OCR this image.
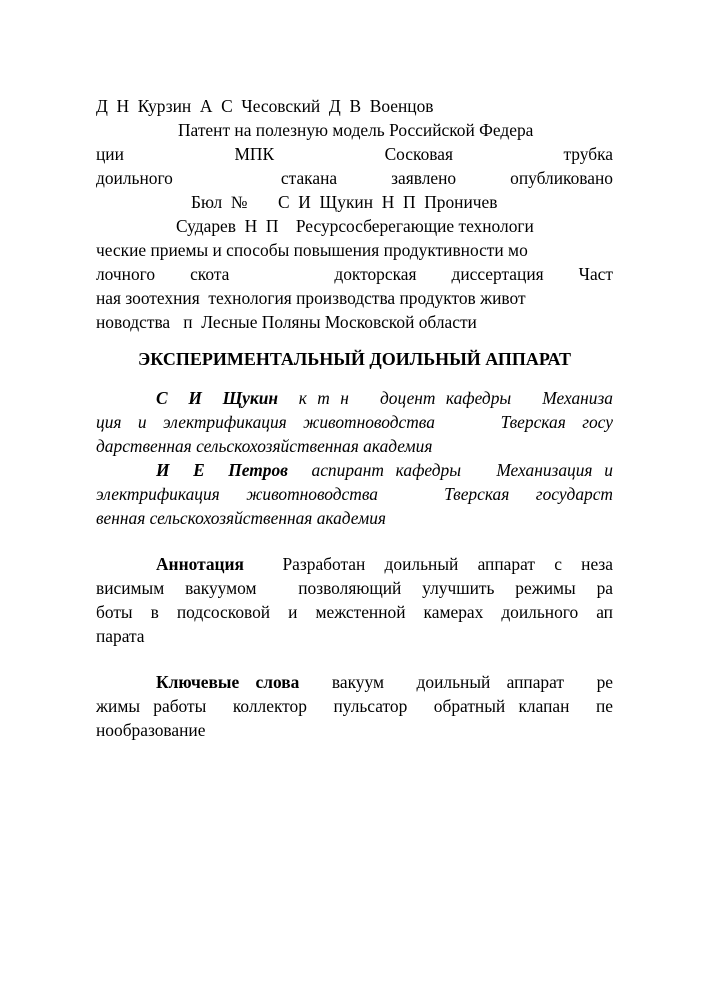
Д  Н  Курзин  А  С  Чесовский  Д  В  Военцов
Патент на полезную модель Российской Федера
ции	МПК	Сосковая трубка
доильного  стакана	заявлено	опубликовано
Бюл  №       С  И  Щукин  Н  П  Проничев
Сударев  Н  П    Ресурсосберегающие технологи
ческие приемы и способы повышения продуктивности мо
лочного скота   докторская диссертация Част
ная зоотехния  технология производства продуктов живот
новодства   п  Лесные Поляны Московской области
ЭКСПЕРИМЕНТАЛЬНЫЙ ДОИЛЬНЫЙ АППАРАТ
С  И  Щукин к т н   доцент кафедры   Механиза
ция и электрификация животноводства    Тверская госу
дарственная сельскохозяйственная академия
И  Е  Петров аспирант кафедры   Механизация и
электрификация  животноводства     Тверская  государст
венная сельскохозяйственная академия
Аннотация Разработан доильный аппарат с неза
висимым вакуумом  позволяющий улучшить режимы ра
боты в подсосковой и межстенной камерах доильного ап
парата
Ключевые слова вакуум  доильный аппарат  ре
жимы работы  коллектор  пульсатор  обратный клапан  пе
нообразование
